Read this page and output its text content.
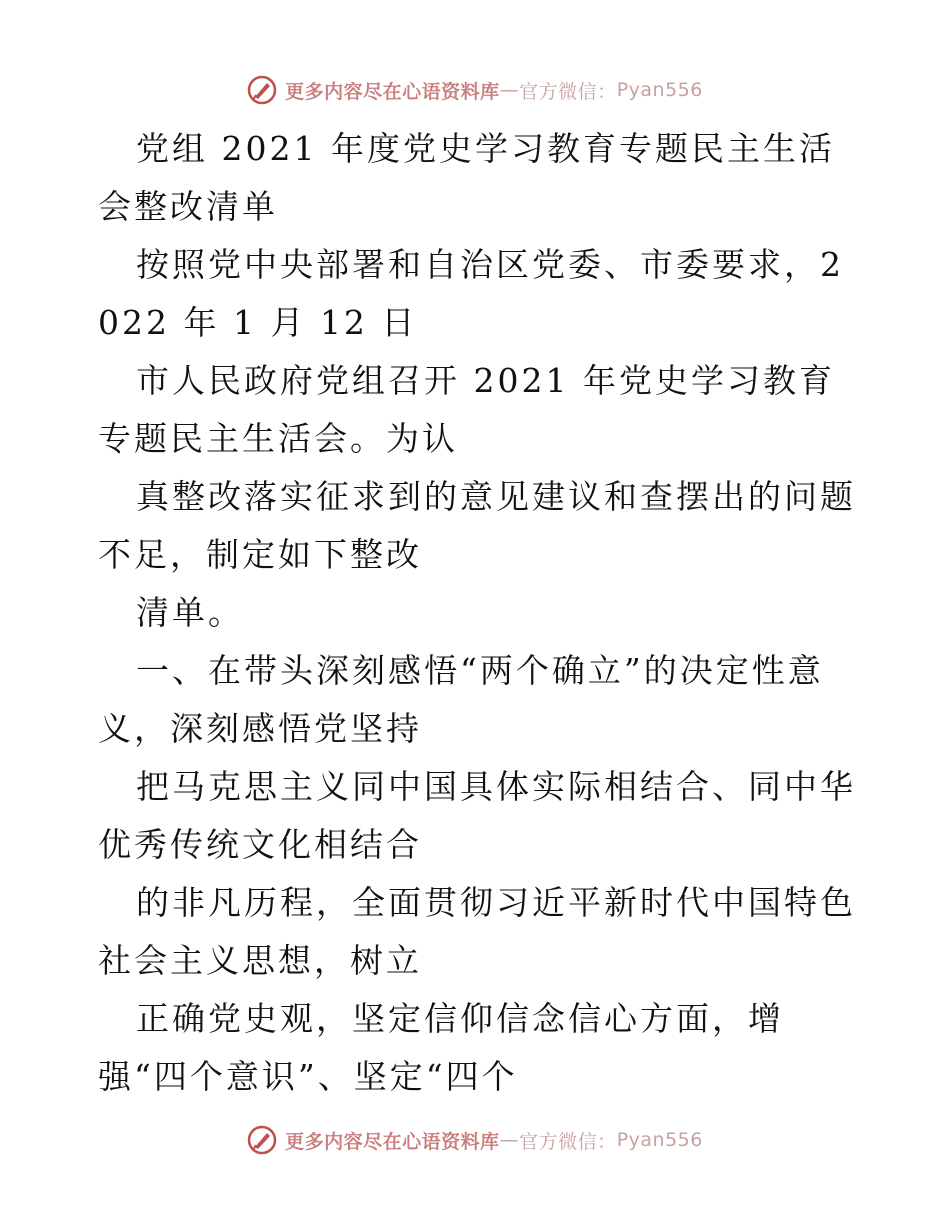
更多内容尽在心语资料库 — 官方微信： Pyan556

党组 2021 年度党史学习教育专题民主生活会整改清单

按照党中央部署和自治区党委、市委要求，2022 年 1 月 12 日

市人民政府党组召开 2021 年党史学习教育专题民主生活会。为认

真整改落实征求到的意见建议和查摆出的问题不足，制定如下整改

清单。

一、在带头深刻感悟“两个确立”的决定性意义，深刻感悟党坚持

把马克思主义同中国具体实际相结合、同中华优秀传统文化相结合

的非凡历程，全面贯彻习近平新时代中国特色社会主义思想，树立

正确党史观，坚定信仰信念信心方面，增强“四个意识”、坚定“四个

更多内容尽在心语资料库 — 官方微信： Pyan556
